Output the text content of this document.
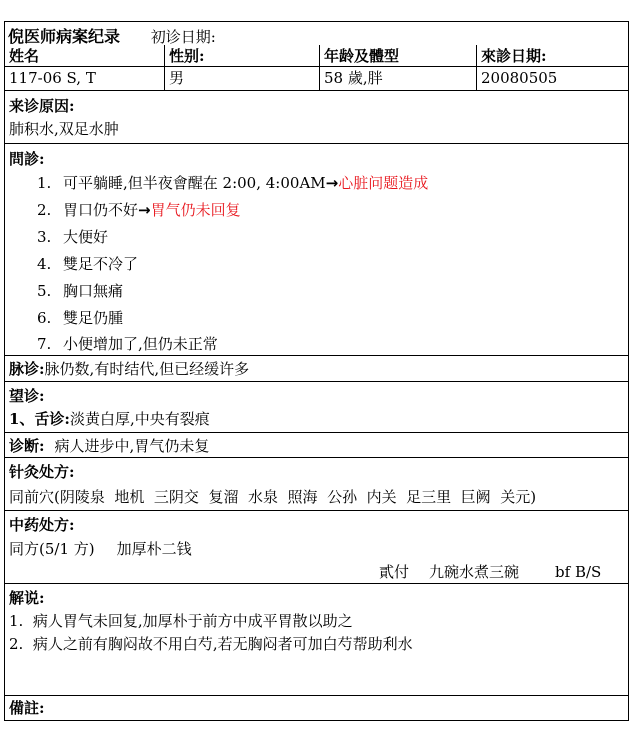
倪医师病案纪录 初诊日期:
姓名	性别:	年龄及體型	來診日期:
117-06 S, T	男	58 歲,胖	20080505
来诊原因:
肺积水,双足水肿
問診:
1. 可平躺睡,但半夜會醒在 2:00, 4:00AM→心脏问题造成
2. 胃口仍不好→胃气仍未回复
3. 大便好
4. 雙足不冷了
5. 胸口無痛
6. 雙足仍腫
7. 小便增加了,但仍未正常
脉诊:脉仍数,有时结代,但已经缓许多
望诊:
1、舌诊:淡黄白厚,中央有裂痕
诊断: 病人进步中,胃气仍未复
针灸处方:
同前穴(阴陵泉  地机  三阴交  复溜  水泉  照海  公孙  内关  足三里  巨阙  关元)
中药处方:
同方(5/1 方) 加厚朴二钱
貳付 九碗水煮三碗 bf B/S
解说:
1.  病人胃气未回复,加厚朴于前方中成平胃散以助之
2.  病人之前有胸闷故不用白芍,若无胸闷者可加白芍帮助利水
備註:
